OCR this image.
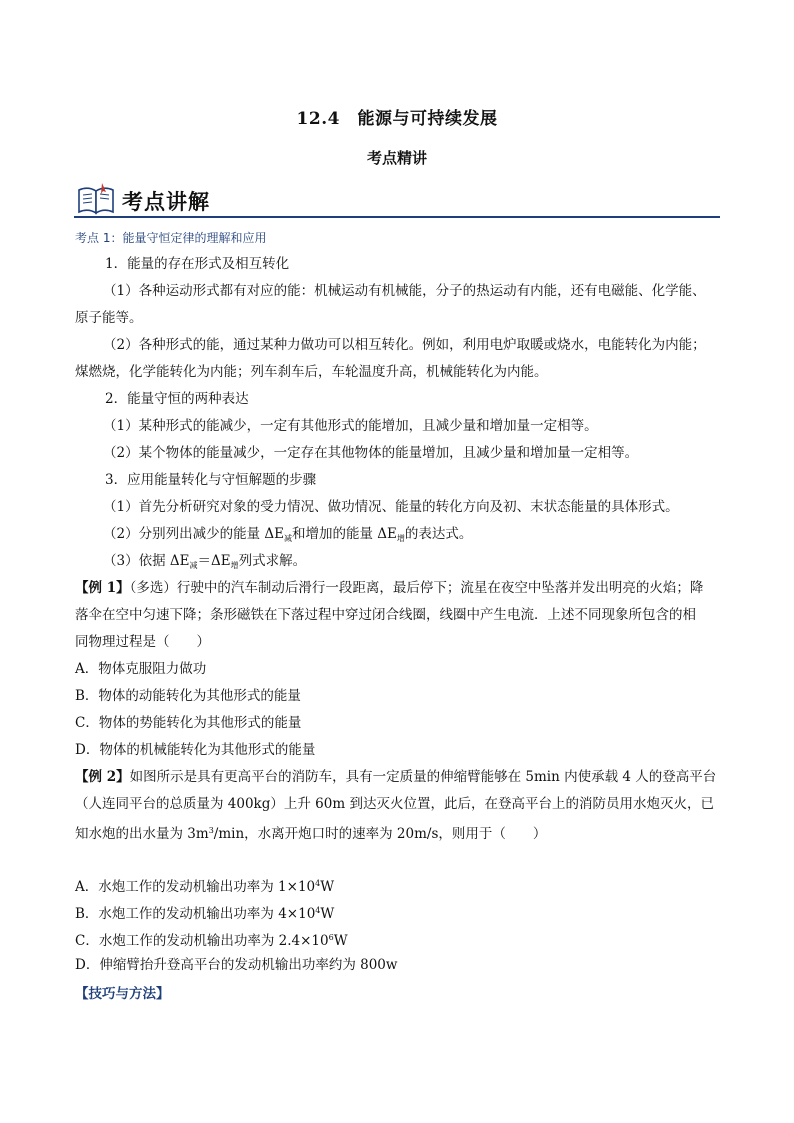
12.4　能源与可持续发展
考点精讲
考点讲解
考点 1：能量守恒定律的理解和应用
1．能量的存在形式及相互转化
（1）各种运动形式都有对应的能：机械运动有机械能，分子的热运动有内能，还有电磁能、化学能、
原子能等。
（2）各种形式的能，通过某种力做功可以相互转化。例如，利用电炉取暖或烧水，电能转化为内能；
煤燃烧，化学能转化为内能；列车刹车后，车轮温度升高，机械能转化为内能。
2．能量守恒的两种表达
（1）某种形式的能减少，一定有其他形式的能增加，且减少量和增加量一定相等。
（2）某个物体的能量减少，一定存在其他物体的能量增加，且减少量和增加量一定相等。
3．应用能量转化与守恒解题的步骤
（1）首先分析研究对象的受力情况、做功情况、能量的转化方向及初、末状态能量的具体形式。
（2）分别列出减少的能量 $\Delta E_减$和增加的能量 $\Delta E_增$的表达式。
（3）依据 $\Delta E_减=\Delta E_增$列式求解。
【例 1】（多选）行驶中的汽车制动后滑行一段距离，最后停下；流星在夜空中坠落并发出明亮的火焰；降
落伞在空中匀速下降；条形磁铁在下落过程中穿过闭合线圈，线圈中产生电流．上述不同现象所包含的相
同物理过程是（　　）
A．物体克服阻力做功
B．物体的动能转化为其他形式的能量
C．物体的势能转化为其他形式的能量
D．物体的机械能转化为其他形式的能量
【例 2】如图所示是具有更高平台的消防车，具有一定质量的伸缩臂能够在 5min 内使承载 4 人的登高平台
（人连同平台的总质量为 400kg）上升 60m 到达灭火位置，此后，在登高平台上的消防员用水炮灭火，已
知水炮的出水量为 $3m^3/\min$，水离开炮口时的速率为 20m/s，则用于（　　）
A．水炮工作的发动机输出功率为 $1\times 10^4W$
B．水炮工作的发动机输出功率为 $4\times 10^4W$
C．水炮工作的发动机输出功率为 $2.4\times 10^6W$
D．伸缩臂抬升登高平台的发动机输出功率约为 800w
【技巧与方法】
